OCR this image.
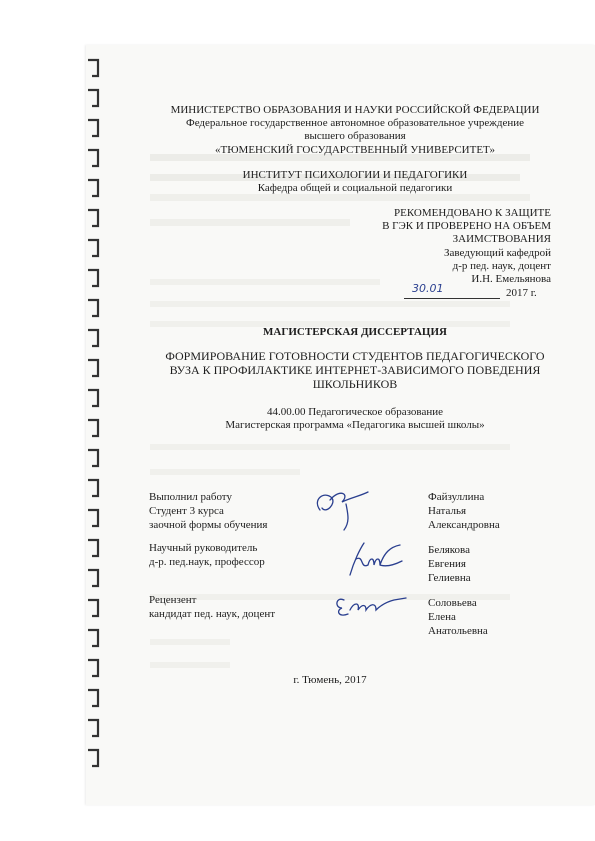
МИНИСТЕРСТВО ОБРАЗОВАНИЯ И НАУКИ РОССИЙСКОЙ ФЕДЕРАЦИИ
Федеральное государственное автономное образовательное учреждение
высшего образования
«ТЮМЕНСКИЙ ГОСУДАРСТВЕННЫЙ УНИВЕРСИТЕТ»
ИНСТИТУТ ПСИХОЛОГИИ И ПЕДАГОГИКИ
Кафедра общей и социальной педагогики
РЕКОМЕНДОВАНО К ЗАЩИТЕ
В ГЭК И ПРОВЕРЕНО НА ОБЪЕМ
ЗАИМСТВОВАНИЯ
Заведующий кафедрой
д-р пед. наук, доцент
И.Н. Емельянова
30.01	2017 г.
МАГИСТЕРСКАЯ ДИССЕРТАЦИЯ
ФОРМИРОВАНИЕ ГОТОВНОСТИ СТУДЕНТОВ ПЕДАГОГИЧЕСКОГО
ВУЗА К ПРОФИЛАКТИКЕ ИНТЕРНЕТ-ЗАВИСИМОГО ПОВЕДЕНИЯ
ШКОЛЬНИКОВ
44.00.00 Педагогическое образование
Магистерская программа «Педагогика высшей школы»
Выполнил работу
Студент 3 курса
заочной формы обучения
Файзуллина
Наталья
Александровна
Научный руководитель
д-р. пед.наук, профессор
Белякова
Евгения
Гелиевна
Рецензент
кандидат пед. наук, доцент
Соловьева
Елена
Анатольевна
г. Тюмень, 2017
